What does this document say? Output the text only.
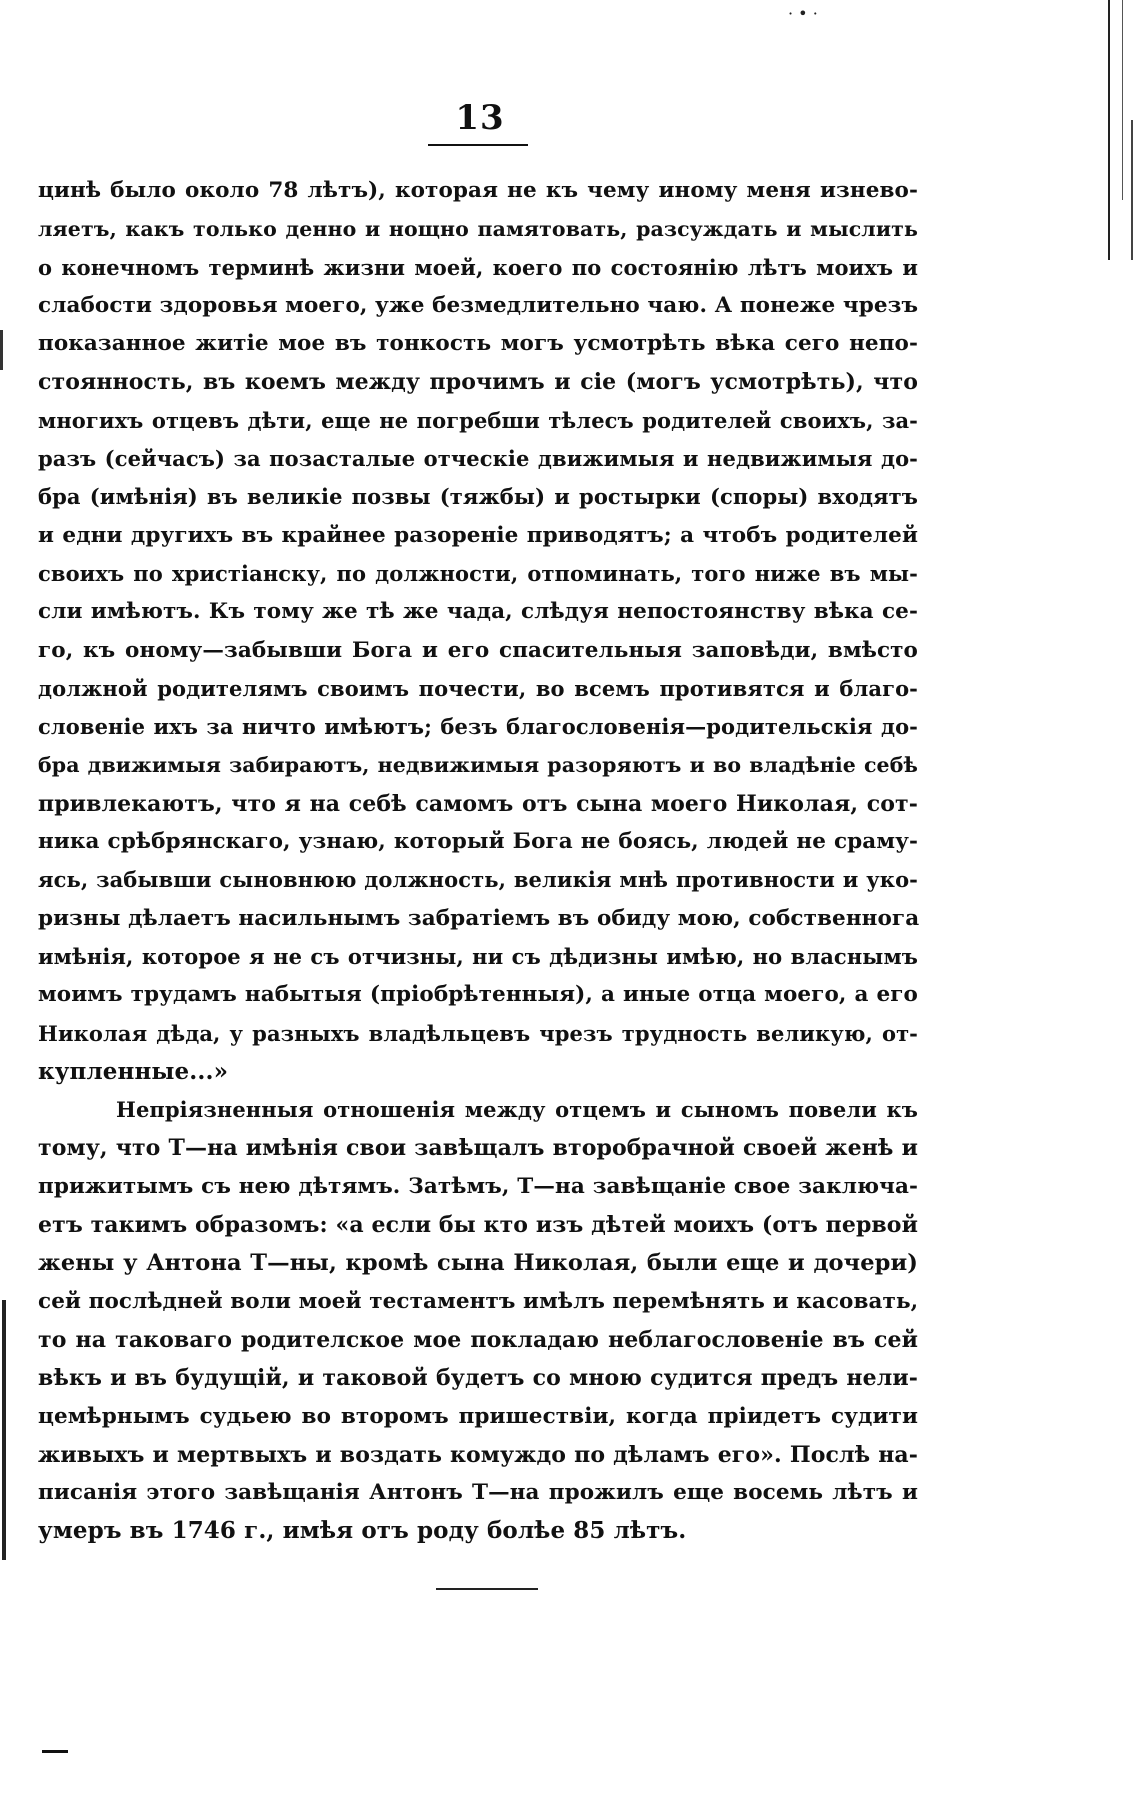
· • ·
13
цинѣ было около 78 лѣтъ), которая не къ чему иному меня изнево-
ляетъ, какъ только денно и нощно памятовать, разсуждать и мыслить
о конечномъ терминѣ жизни моей, коего по состоянію лѣтъ моихъ и
слабости здоровья моего, уже безмедлительно чаю. А понеже чрезъ
показанное житіе мое въ тонкость могъ усмотрѣть вѣка сего непо-
стоянность, въ коемъ между прочимъ и сіе (могъ усмотрѣть), что
многихъ отцевъ дѣти, еще не погребши тѣлесъ родителей своихъ, за-
разъ (сейчасъ) за позасталые отческіе движимыя и недвижимыя до-
бра (имѣнія) въ великіе позвы (тяжбы) и ростырки (споры) входятъ
и едни другихъ въ крайнее разореніе приводятъ; а чтобъ родителей
своихъ по христіанску, по должности, отпоминать, того ниже въ мы-
сли имѣютъ. Къ тому же тѣ же чада, слѣдуя непостоянству вѣка се-
го, къ оному—забывши Бога и его спасительныя заповѣди, вмѣсто
должной родителямъ своимъ почести, во всемъ противятся и благо-
словеніе ихъ за ничто имѣютъ; безъ благословенія—родительскія до-
бра движимыя забираютъ, недвижимыя разоряютъ и во владѣніе себѣ
привлекаютъ, что я на себѣ самомъ отъ сына моего Николая, сот-
ника срѣбрянскаго, узнаю, который Бога не боясь, людей не сраму-
ясь, забывши сыновнюю должность, великія мнѣ противности и уко-
ризны дѣлаетъ насильнымъ забратіемъ въ обиду мою, собственнога
имѣнія, которое я не съ отчизны, ни съ дѣдизны имѣю, но власнымъ
моимъ трудамъ набытыя (пріобрѣтенныя), а иные отца моего, а его
Николая дѣда, у разныхъ владѣльцевъ чрезъ трудность великую, от-
купленные...»
Непріязненныя отношенія между отцемъ и сыномъ повели къ
тому, что Т—на имѣнія свои завѣщалъ второбрачной своей женѣ и
прижитымъ съ нею дѣтямъ. Затѣмъ, Т—на завѣщаніе свое заключа-
етъ такимъ образомъ: «а если бы кто изъ дѣтей моихъ (отъ первой
жены у Антона Т—ны, кромѣ сына Николая, были еще и дочери)
сей послѣдней воли моей тестаментъ имѣлъ перемѣнять и касовать,
то на таковаго родителское мое покладаю неблагословеніе въ сей
вѣкъ и въ будущій, и таковой будетъ со мною судится предъ нели-
цемѣрнымъ судьею во второмъ пришествіи, когда пріидетъ судити
живыхъ и мертвыхъ и воздать комуждо по дѣламъ его». Послѣ на-
писанія этого завѣщанія Антонъ Т—на прожилъ еще восемь лѣтъ и
умеръ въ 1746 г., имѣя отъ роду болѣе 85 лѣтъ.
